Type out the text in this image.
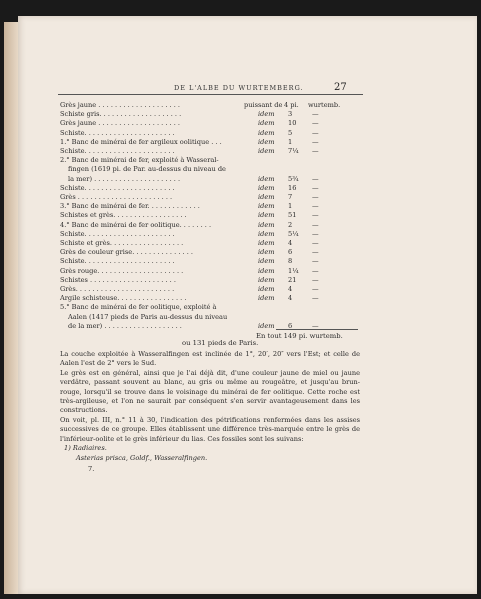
DE L'ALBE DU WURTEMBERG.	27
Grès jaune . . . . . . . . . . . . . . . . . . . .	puissant de 4 pi. wurtemb.
Schiste gris. . . . . . . . . . . . . . . . . . . .	idem 3	—
Grès jaune . . . . . . . . . . . . . . . . . . . .	idem 10 —
Schiste. . . . . . . . . . . . . . . . . . . . . .	idem 5	—
1.° Banc de minérai de fer argileux oolitique . . .	idem 1	—
Schiste. . . . . . . . . . . . . . . . . . . . . .	idem 7¼ —
2.° Banc de minérai de fer, exploité à Wasseral-
fingen (1619 pi. de Par. au-dessus du niveau de
la mer) . . . . . . . . . . . . . . . . . . . . .	idem 5¾ —
Schiste. . . . . . . . . . . . . . . . . . . . . .	idem 16 —
Grès . . . . . . . . . . . . . . . . . . . . . . .	idem 7	—
3.° Banc de minérai de fer. . . . . . . . . . . . .	idem 1	—
Schistes et grès. . . . . . . . . . . . . . . . . .	idem 51 —
4.° Banc de minérai de fer oolitique. . . . . . . .	idem 2	—
Schiste. . . . . . . . . . . . . . . . . . . . . .	idem 5¼ —
Schiste et grès. . . . . . . . . . . . . . . . . .	idem 4	—
Grès de couleur grise. . . . . . . . . . . . . . .	idem 6	—
Schiste. . . . . . . . . . . . . . . . . . . . . .	idem 8	—
Grès rouge. . . . . . . . . . . . . . . . . . . . .	idem 1¼ —
Schistes . . . . . . . . . . . . . . . . . . . . .	idem 21 —
Grès. . . . . . . . . . . . . . . . . . . . . . . .	idem 4	—
Argile schisteuse. . . . . . . . . . . . . . . . .	idem 4	—
5.° Banc de minérai de fer oolitique, exploité à
Aalen (1417 pieds de Paris au-dessus du niveau
de la mer) . . . . . . . . . . . . . . . . . . .	idem 6	—
En tout 149 pi. wurtemb.
ou 131 pieds de Paris.
La couche exploitée à Wasseralfingen est inclinée de 1°, 20′, 20″ vers l'Est; et celle de Aalen l'est de 2° vers le Sud.
Le grès est en général, ainsi que je l'ai déjà dit, d'une couleur jaune de miel ou jaune verdâtre, passant souvent au blanc, au gris ou même au rougeâtre, et jusqu'au brun-rouge, lorsqu'il se trouve dans le voisinage du minérai de fer oolitique. Cette roche est très-argileuse, et l'on ne saurait par conséquent s'en servir avantageusement dans les constructions.
On voit, pl. III, n.° 11 à 30, l'indication des pétrifications renfermées dans les assises successives de ce groupe. Elles établissent une différence très-marquée entre le grès de l'inférieur-oolite et le grès inférieur du lias. Ces fossiles sont les suivans:
1) Radiaires.
Asterias prisca, Goldf., Wasseralfingen.
7.
